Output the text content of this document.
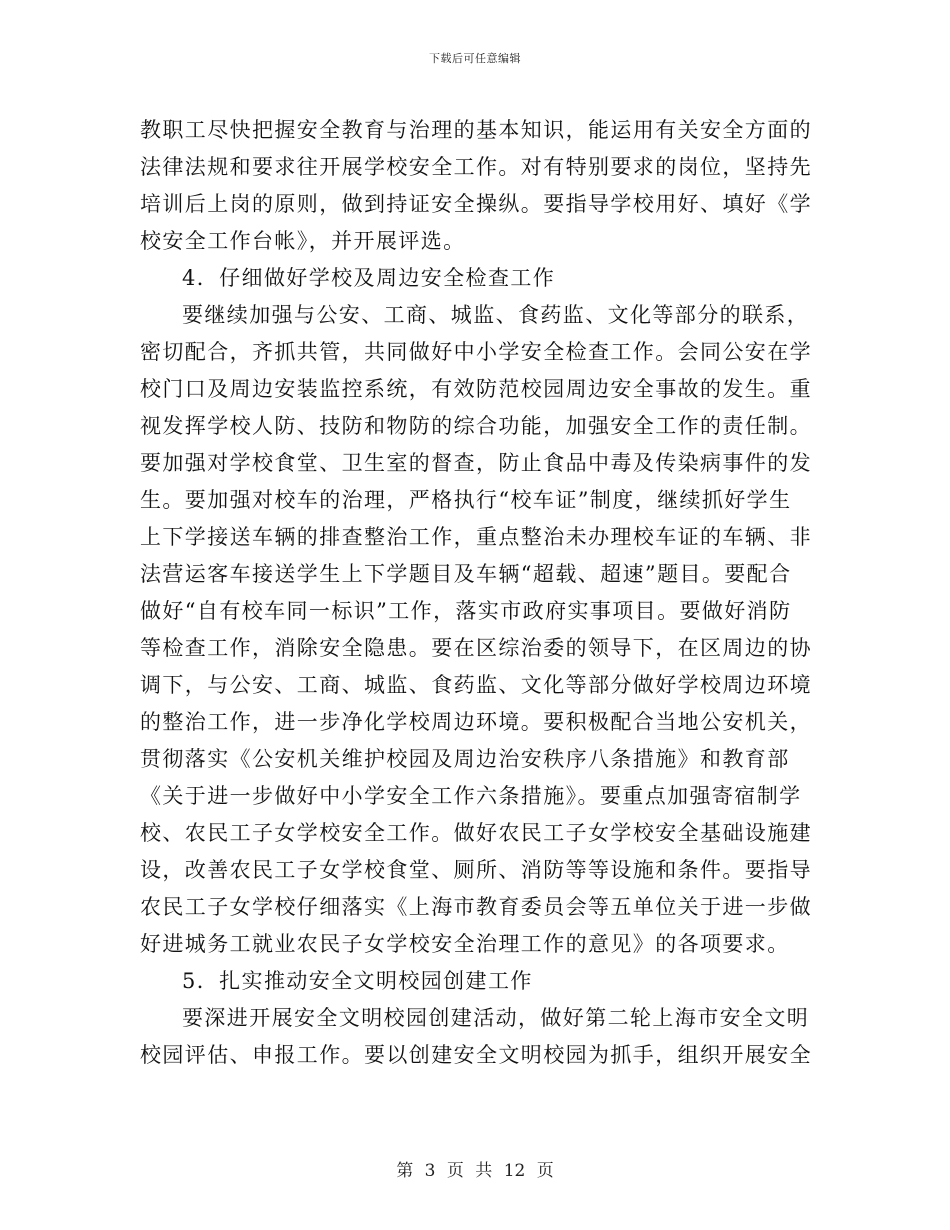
下载后可任意编辑
教职工尽快把握安全教育与治理的基本知识，能运用有关安全方面的
法律法规和要求往开展学校安全工作。对有特别要求的岗位，坚持先
培训后上岗的原则，做到持证安全操纵。要指导学校用好、填好《学
校安全工作台帐》，并开展评选。
4．仔细做好学校及周边安全检查工作
要继续加强与公安、工商、城监、食药监、文化等部分的联系，
密切配合，齐抓共管，共同做好中小学安全检查工作。会同公安在学
校门口及周边安装监控系统，有效防范校园周边安全事故的发生。重
视发挥学校人防、技防和物防的综合功能，加强安全工作的责任制。
要加强对学校食堂、卫生室的督查，防止食品中毒及传染病事件的发
生。要加强对校车的治理，严格执行“校车证”制度，继续抓好学生
上下学接送车辆的排查整治工作，重点整治未办理校车证的车辆、非
法营运客车接送学生上下学题目及车辆“超载、超速”题目。要配合
做好“自有校车同一标识”工作，落实市政府实事项目。要做好消防
等检查工作，消除安全隐患。要在区综治委的领导下，在区周边的协
调下，与公安、工商、城监、食药监、文化等部分做好学校周边环境
的整治工作，进一步净化学校周边环境。要积极配合当地公安机关，
贯彻落实《公安机关维护校园及周边治安秩序八条措施》和教育部
《关于进一步做好中小学安全工作六条措施》。要重点加强寄宿制学
校、农民工子女学校安全工作。做好农民工子女学校安全基础设施建
设，改善农民工子女学校食堂、厕所、消防等等设施和条件。要指导
农民工子女学校仔细落实《上海市教育委员会等五单位关于进一步做
好进城务工就业农民子女学校安全治理工作的意见》的各项要求。
5．扎实推动安全文明校园创建工作
要深进开展安全文明校园创建活动，做好第二轮上海市安全文明
校园评估、申报工作。要以创建安全文明校园为抓手，组织开展安全
第 3 页 共 12 页
